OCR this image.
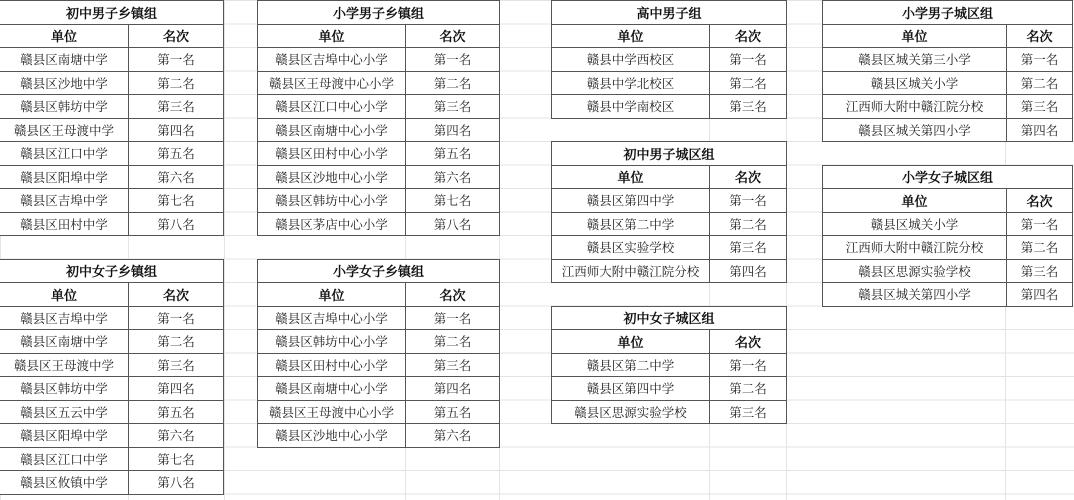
初中男子乡镇组	
单位	名次
赣县区南塘中学	第一名
赣县区沙地中学	第二名
赣县区韩坊中学	第三名
赣县区王母渡中学	第四名
赣县区江口中学	第五名
赣县区阳埠中学	第六名
赣县区吉埠中学	第七名
赣县区田村中学	第八名
小学男子乡镇组	
单位	名次
赣县区吉埠中心小学	第一名
赣县区王母渡中心小学	第二名
赣县区江口中心小学	第三名
赣县区南塘中心小学	第四名
赣县区田村中心小学	第五名
赣县区沙地中心小学	第六名
赣县区韩坊中心小学	第七名
赣县区茅店中心小学	第八名
高中男子组	
单位	名次
赣县中学西校区	第一名
赣县中学北校区	第二名
赣县中学南校区	第三名
小学男子城区组	
单位	名次
赣县区城关第三小学	第一名
赣县区城关小学	第二名
江西师大附中赣江院分校	第三名
赣县区城关第四小学	第四名
初中女子乡镇组	
单位	名次
赣县区吉埠中学	第一名
赣县区南塘中学	第二名
赣县区王母渡中学	第三名
赣县区韩坊中学	第四名
赣县区五云中学	第五名
赣县区阳埠中学	第六名
赣县区江口中学	第七名
赣县区攸镇中学	第八名
小学女子乡镇组	
单位	名次
赣县区吉埠中心小学	第一名
赣县区韩坊中心小学	第二名
赣县区田村中心小学	第三名
赣县区南塘中心小学	第四名
赣县区王母渡中心小学	第五名
赣县区沙地中心小学	第六名
初中男子城区组	
单位	名次
赣县区第四中学	第一名
赣县区第二中学	第二名
赣县区实验学校	第三名
江西师大附中赣江院分校	第四名
初中女子城区组	
单位	名次
赣县区第二中学	第一名
赣县区第四中学	第二名
赣县区思源实验学校	第三名
小学女子城区组	
单位	名次
赣县区城关小学	第一名
江西师大附中赣江院分校	第二名
赣县区思源实验学校	第三名
赣县区城关第四小学	第四名
